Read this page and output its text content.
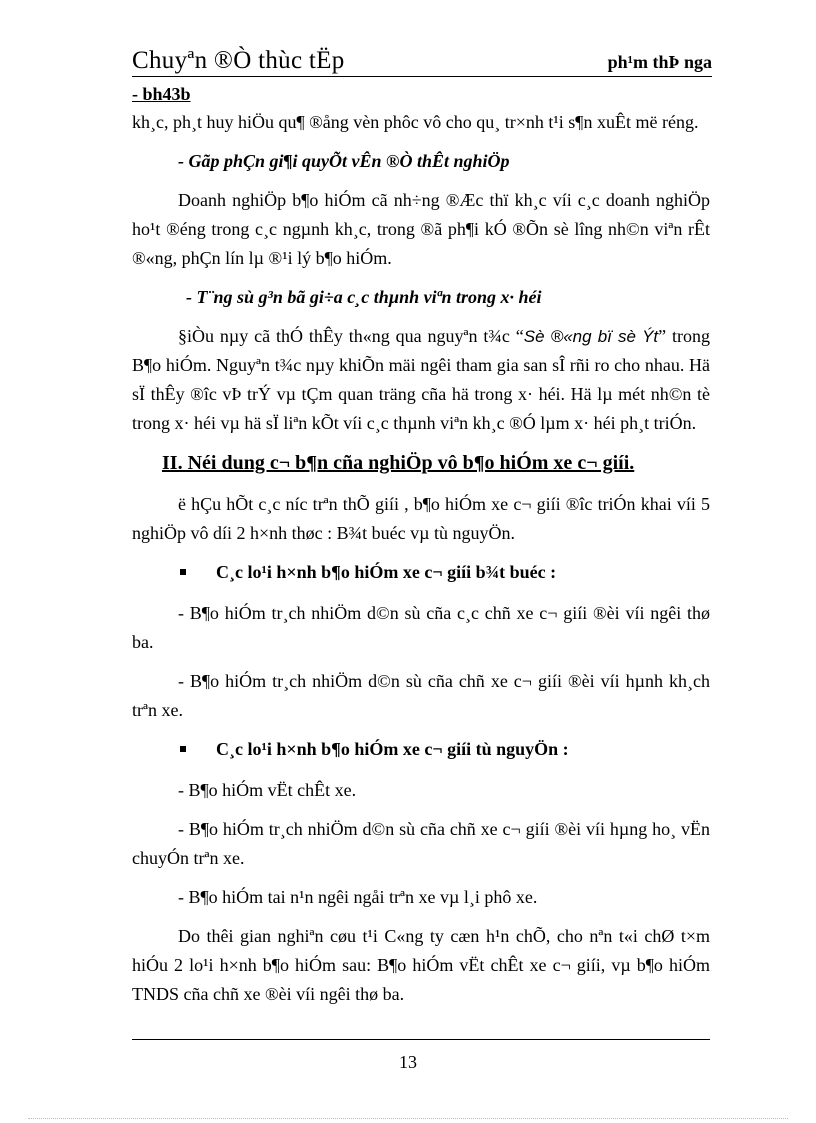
Chuyªn ®Ò thùc tËp	ph¹m thÞ nga
- bh43b

kh¸c, ph¸t huy hiÖu qu¶ ®ång vèn phôc vô cho qu¸ tr×nh t¹i s¶n xuÊt më réng.

- Gãp phÇn gi¶i quyÕt vÊn ®Ò thÊt nghiÖp

Doanh nghiÖp b¶o hiÓm cã nh÷ng ®Æc thï kh¸c víi c¸c doanh nghiÖp ho¹t ®éng trong c¸c ngµnh kh¸c, trong ®ã ph¶i kÓ ®Õn sè lîng nh©n viªn rÊt ®«ng, phÇn lín lµ ®¹i lý b¶o hiÓm.

- T¨ng sù g³n bã gi÷a c¸c thµnh viªn trong x· héi

§iÒu nµy cã thÓ thÊy th«ng qua nguyªn t¾c “Sè ®«ng bï sè Ýt” trong B¶o hiÓm. Nguyªn t¾c nµy khiÕn mäi ngêi tham gia san sÎ rñi ro cho nhau. Hä sÏ thÊy ®îc vÞ trÝ vµ tÇm quan träng cña hä trong x· héi. Hä lµ mét nh©n tè trong x· héi vµ hä sÏ liªn kÕt víi c¸c thµnh viªn kh¸c ®Ó lµm x· héi ph¸t triÓn.

II. Néi dung c¬ b¶n cña nghiÖp vô b¶o hiÓm xe c¬ giíi.

ë hÇu hÕt c¸c níc trªn thÕ giíi , b¶o hiÓm xe c¬ giíi ®îc triÓn khai víi 5 nghiÖp vô díi 2 h×nh thøc : B¾t buéc vµ tù nguyÖn.

C¸c lo¹i h×nh b¶o hiÓm xe c¬ giíi b¾t buéc :

- B¶o hiÓm tr¸ch nhiÖm d©n sù cña c¸c chñ xe c¬ giíi ®èi víi ngêi thø ba.

- B¶o hiÓm tr¸ch nhiÖm d©n sù cña chñ xe c¬ giíi ®èi víi hµnh kh¸ch trªn xe.

C¸c lo¹i h×nh b¶o hiÓm xe c¬ giíi tù nguyÖn :

- B¶o hiÓm vËt chÊt xe.

- B¶o hiÓm tr¸ch nhiÖm d©n sù cña chñ xe c¬ giíi ®èi víi hµng ho¸ vËn chuyÓn trªn xe.

- B¶o hiÓm tai n¹n ngêi ngåi trªn xe vµ l¸i phô xe.

Do thêi gian nghiªn cøu t¹i C«ng ty cæn h¹n chÕ, cho nªn t«i chØ t×m hiÓu 2 lo¹i h×nh b¶o hiÓm sau: B¶o hiÓm vËt chÊt xe c¬ giíi, vµ b¶o hiÓm TNDS cña chñ xe ®èi víi ngêi thø ba.

13
